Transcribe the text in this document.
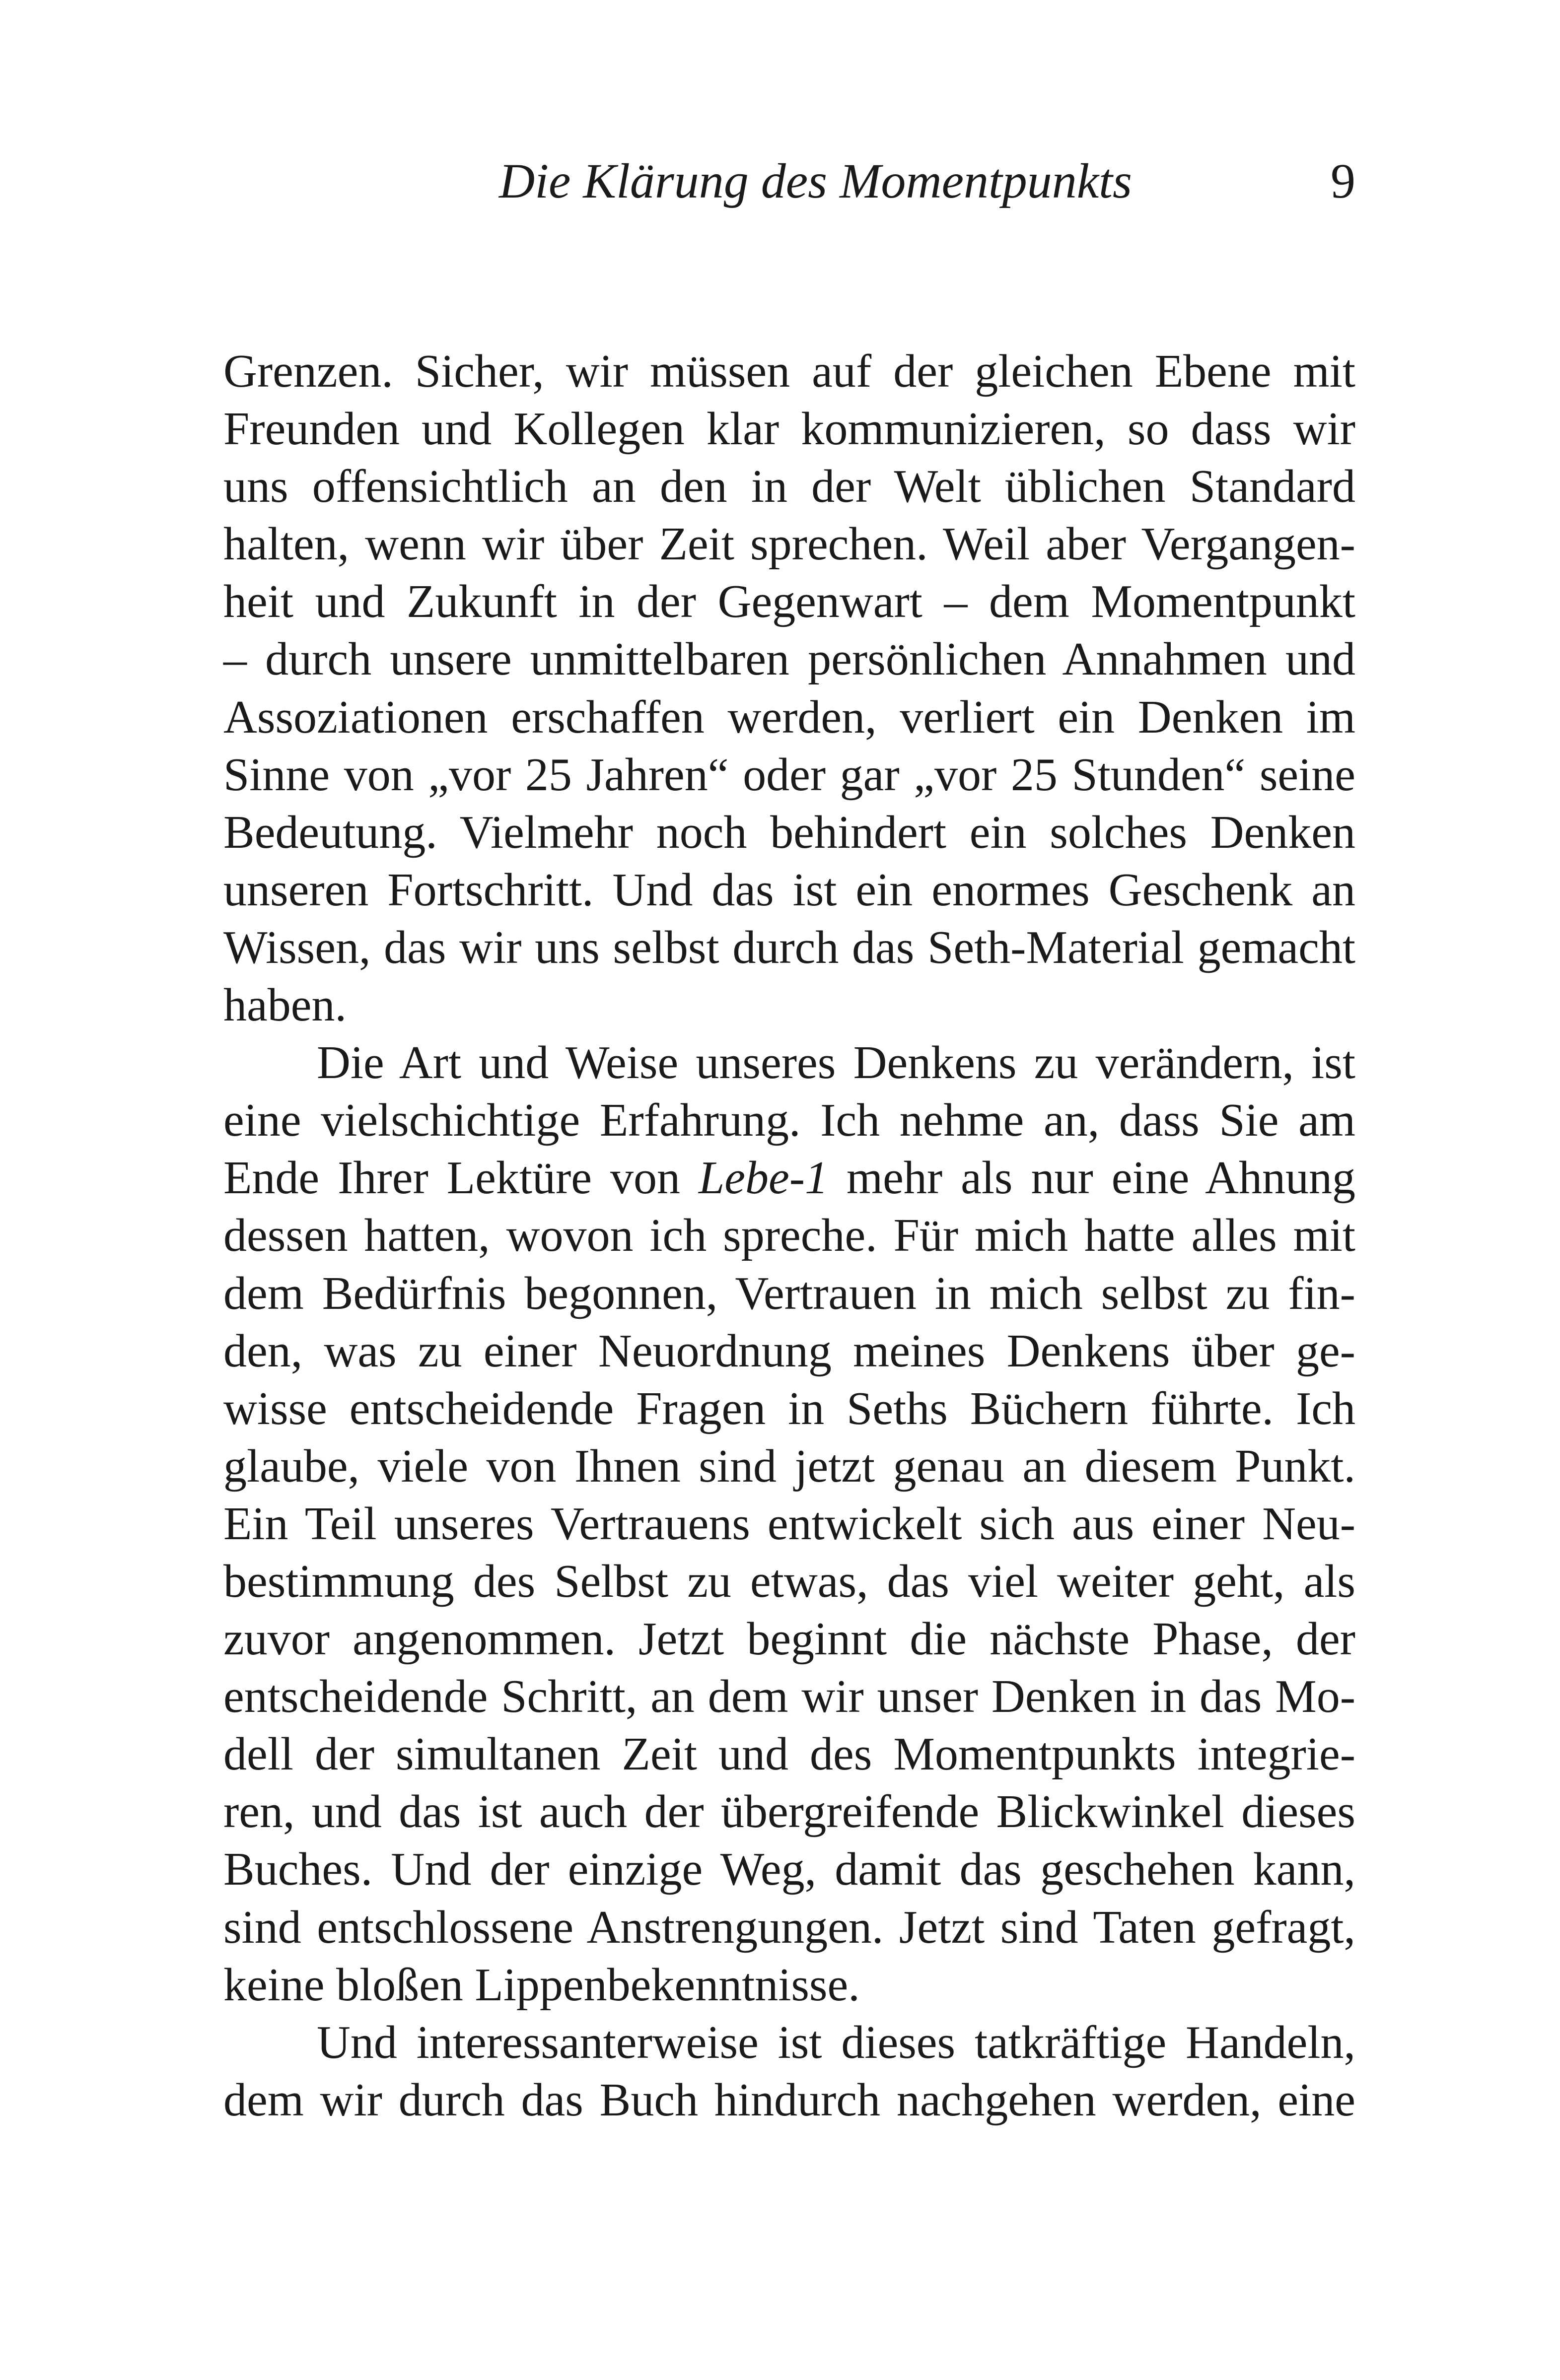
Die Klärung des Momentpunkts	9
Grenzen. Sicher, wir müssen auf der gleichen Ebene mit
Freunden und Kollegen klar kommunizieren, so dass wir
uns offensichtlich an den in der Welt üblichen Standard
halten, wenn wir über Zeit sprechen. Weil aber Vergangen-
heit und Zukunft in der Gegenwart – dem Momentpunkt
– durch unsere unmittelbaren persönlichen Annahmen und
Assoziationen erschaffen werden, verliert ein Denken im
Sinne von „vor 25 Jahren“ oder gar „vor 25 Stunden“ seine
Bedeutung. Vielmehr noch behindert ein solches Denken
unseren Fortschritt. Und das ist ein enormes Geschenk an
Wissen, das wir uns selbst durch das Seth-Material gemacht
haben.
Die Art und Weise unseres Denkens zu verändern, ist
eine vielschichtige Erfahrung. Ich nehme an, dass Sie am
Ende Ihrer Lektüre von Lebe-1 mehr als nur eine Ahnung
dessen hatten, wovon ich spreche. Für mich hatte alles mit
dem Bedürfnis begonnen, Vertrauen in mich selbst zu fin-
den, was zu einer Neuordnung meines Denkens über ge-
wisse entscheidende Fragen in Seths Büchern führte. Ich
glaube, viele von Ihnen sind jetzt genau an diesem Punkt.
Ein Teil unseres Vertrauens entwickelt sich aus einer Neu-
bestimmung des Selbst zu etwas, das viel weiter geht, als
zuvor angenommen. Jetzt beginnt die nächste Phase, der
entscheidende Schritt, an dem wir unser Denken in das Mo-
dell der simultanen Zeit und des Momentpunkts integrie-
ren, und das ist auch der übergreifende Blickwinkel dieses
Buches. Und der einzige Weg, damit das geschehen kann,
sind entschlossene Anstrengungen. Jetzt sind Taten gefragt,
keine bloßen Lippenbekenntnisse.
Und interessanterweise ist dieses tatkräftige Handeln,
dem wir durch das Buch hindurch nachgehen werden, eine
